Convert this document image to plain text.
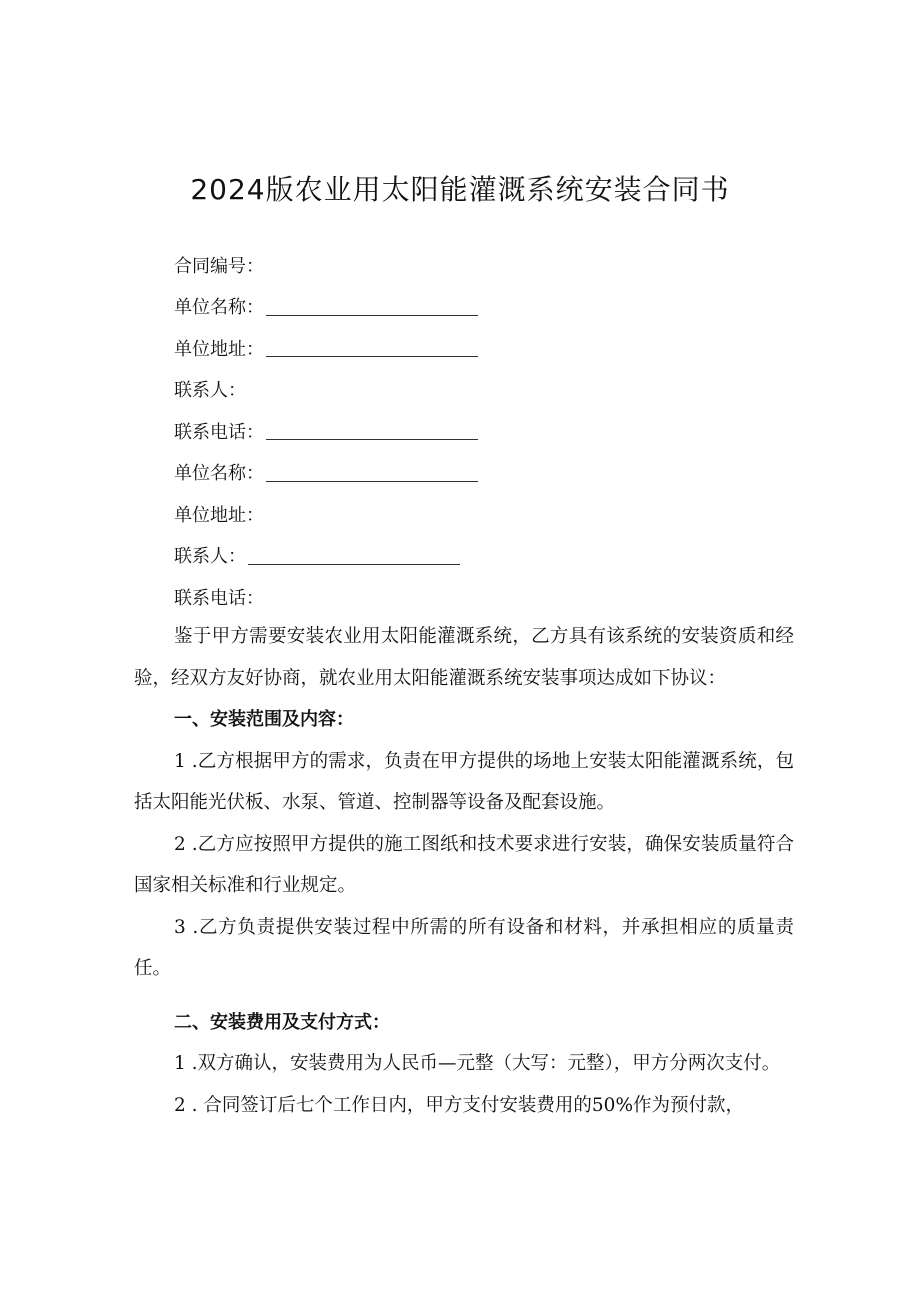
2024版农业用太阳能灌溉系统安装合同书
合同编号：
单位名称：
单位地址：
联系人：
联系电话：
单位名称：
单位地址：
联系人：
联系电话：

鉴于甲方需要安装农业用太阳能灌溉系统，乙方具有该系统的安装资质和经验，经双方友好协商，就农业用太阳能灌溉系统安装事项达成如下协议：

一、安装范围及内容：

1 .乙方根据甲方的需求，负责在甲方提供的场地上安装太阳能灌溉系统，包括太阳能光伏板、水泵、管道、控制器等设备及配套设施。

2 .乙方应按照甲方提供的施工图纸和技术要求进行安装，确保安装质量符合国家相关标准和行业规定。

3 .乙方负责提供安装过程中所需的所有设备和材料，并承担相应的质量责任。

二、安装费用及支付方式：

1 .双方确认，安装费用为人民币—元整（大写：元整），甲方分两次支付。

2 . 合同签订后七个工作日内，甲方支付安装费用的50%作为预付款，
